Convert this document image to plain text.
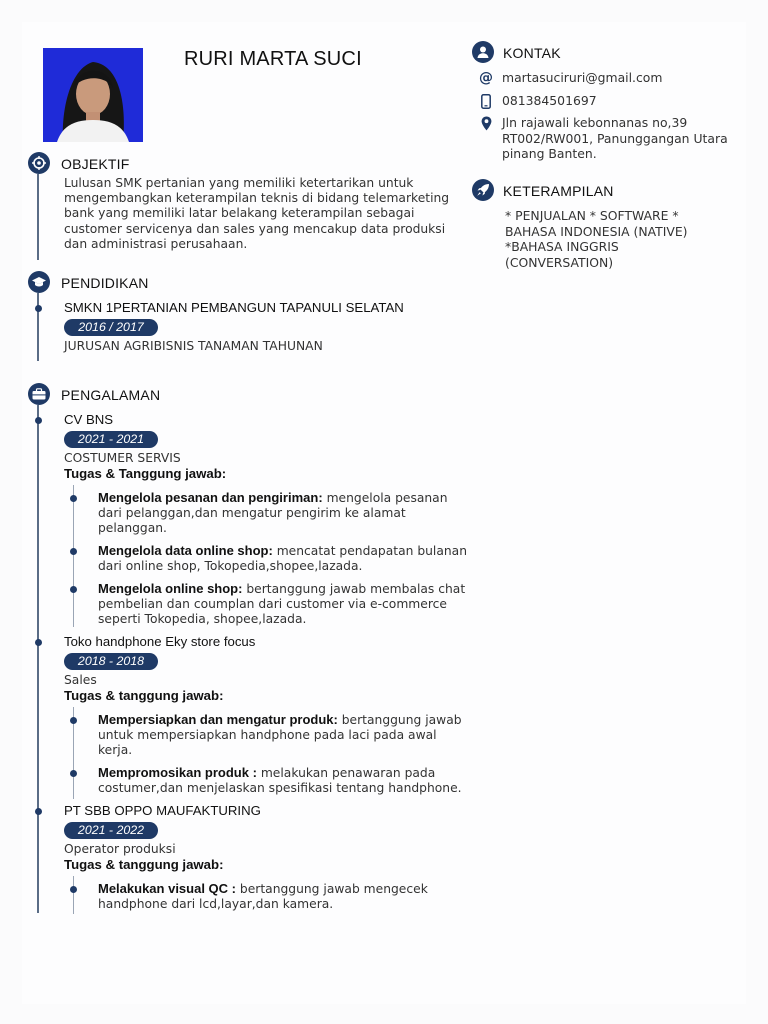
RURI MARTA SUCI
OBJEKTIF
Lulusan SMK pertanian yang memiliki ketertarikan untuk
mengembangkan keterampilan teknis di bidang telemarketing
bank yang memiliki latar belakang keterampilan sebagai
customer servicenya dan sales yang mencakup data produksi
dan administrasi perusahaan.
PENDIDIKAN
SMKN 1PERTANIAN PEMBANGUN TAPANULI SELATAN
2016 / 2017
JURUSAN AGRIBISNIS TANAMAN TAHUNAN
PENGALAMAN
CV BNS
2021 - 2021
COSTUMER SERVIS
Tugas & Tanggung jawab:
Mengelola pesanan dan pengiriman: mengelola pesanan
dari pelanggan,dan mengatur pengirim ke alamat
pelanggan.
Mengelola data online shop: mencatat pendapatan bulanan
dari online shop, Tokopedia,shopee,lazada.
Mengelola online shop: bertanggung jawab membalas chat
pembelian dan coumplan dari customer via e-commerce
seperti Tokopedia, shopee,lazada.
Toko handphone Eky store focus
2018 - 2018
Sales
Tugas & tanggung jawab:
Mempersiapkan dan mengatur produk: bertanggung jawab
untuk mempersiapkan handphone pada laci pada awal
kerja.
Mempromosikan produk : melakukan penawaran pada
costumer,dan menjelaskan spesifikasi tentang handphone.
PT SBB OPPO MAUFAKTURING
2021 - 2022
Operator produksi
Tugas & tanggung jawab:
Melakukan visual QC : bertanggung jawab mengecek
handphone dari lcd,layar,dan kamera.
KONTAK
@ martasuciruri@gmail.com
081384501697
Jln rajawali kebonnanas no,39
RT002/RW001, Panunggangan Utara
pinang Banten.
KETERAMPILAN
* PENJUALAN * SOFTWARE *
BAHASA INDONESIA (NATIVE)
*BAHASA INGGRIS
(CONVERSATION)
